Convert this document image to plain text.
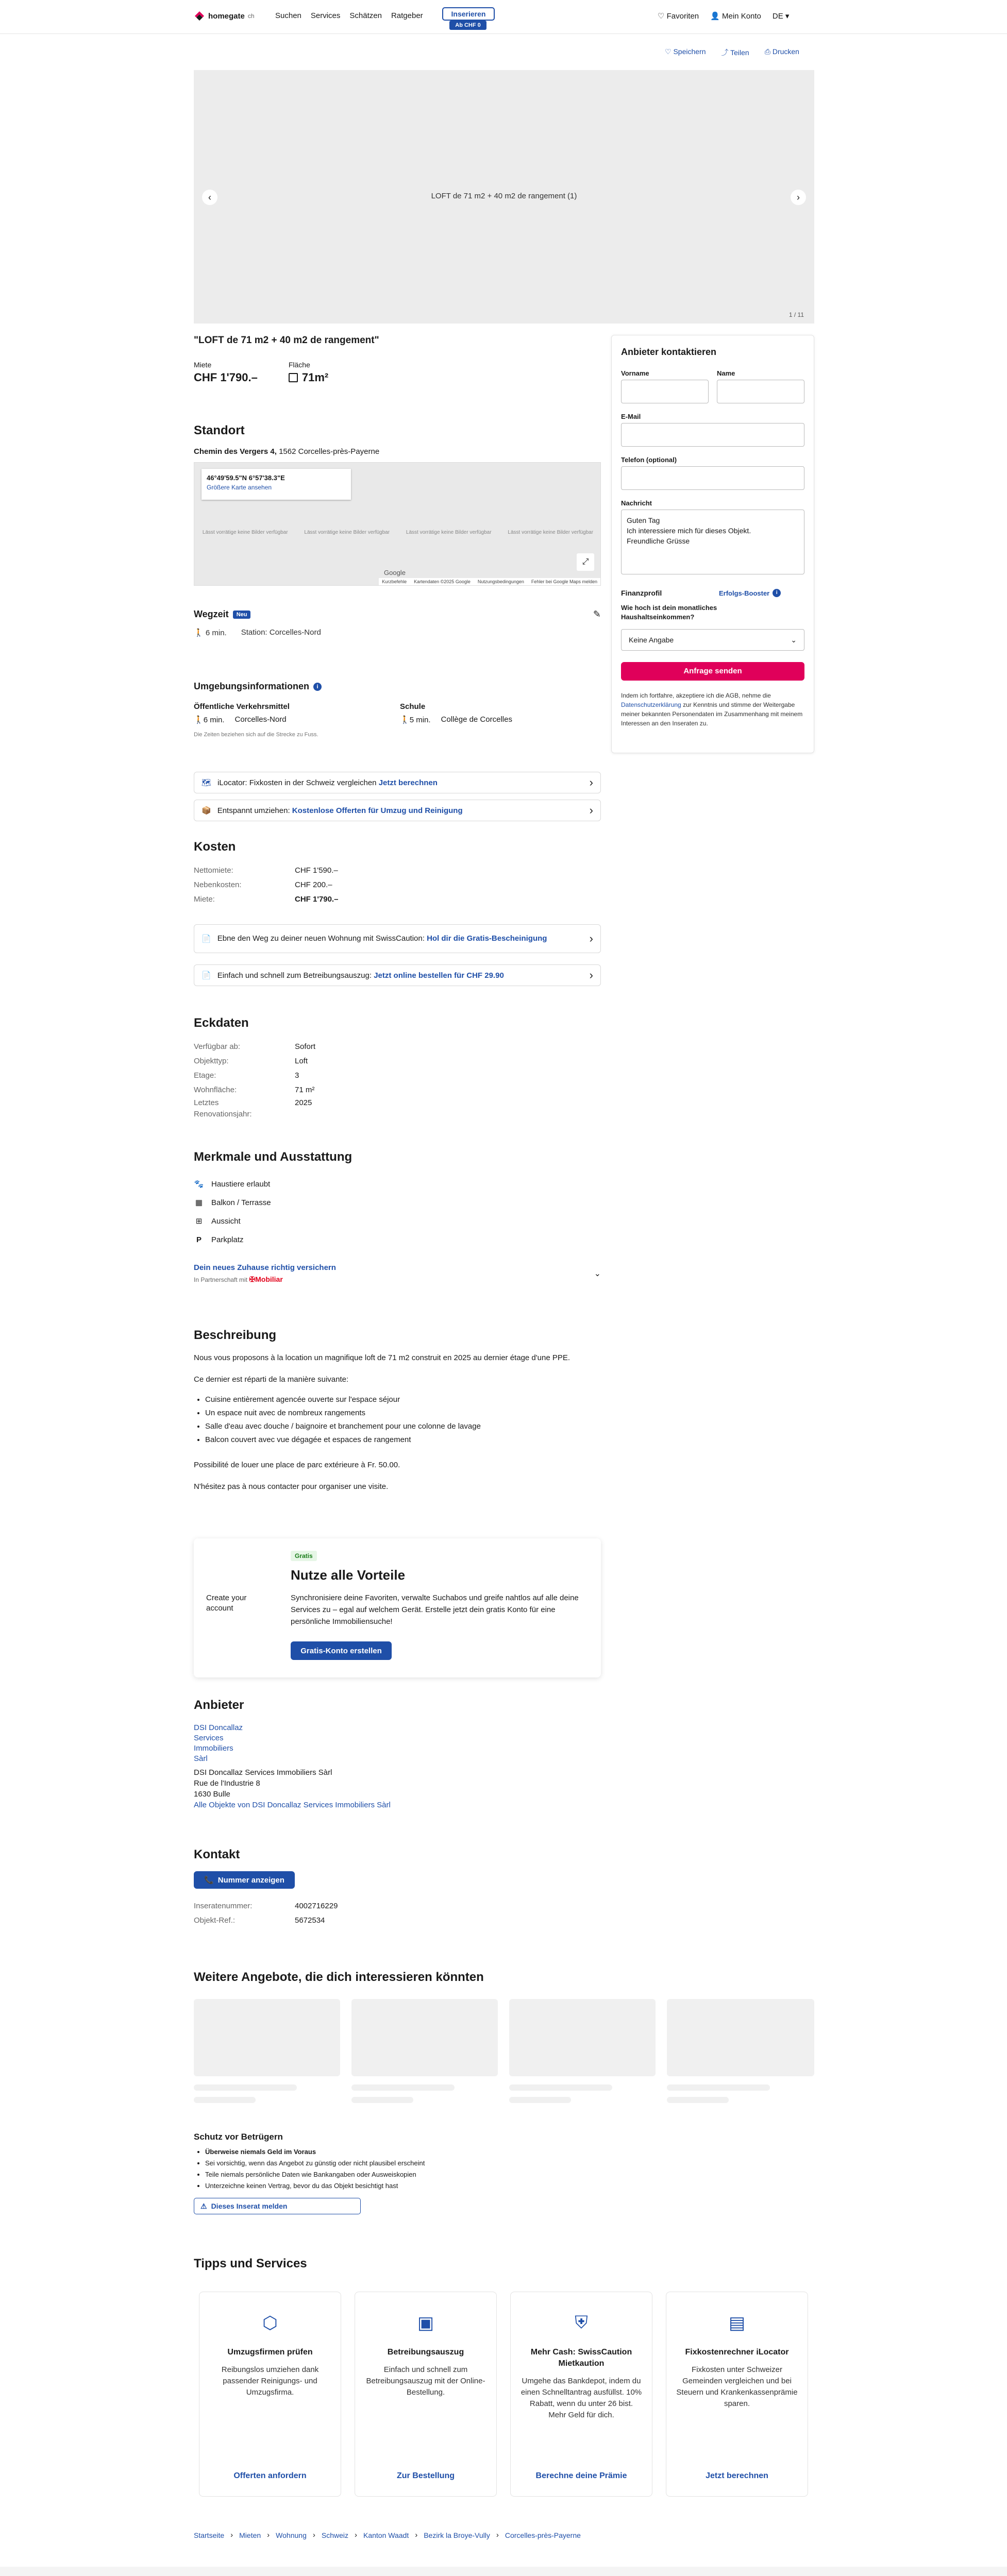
homegate ch	Suchen Services Schätzen Ratgeber	Inserieren
Ab CHF 0
♡ Favoriten 👤 Mein Konto DE ▾
♡ Speichern ⤴ Teilen ⎙ Drucken
LOFT de 71 m2 + 40 m2 de rangement (1)
‹	›
1 / 11
"LOFT de 71 m2 + 40 m2 de rangement"
Miete
CHF 1'790.–
Fläche
71m²
Standort
Chemin des Vergers 4, 1562 Corcelles-près-Payerne
46°49'59.5"N 6°57'38.3"E
Größere Karte ansehen
Lässt vorrätige keine Bilder verfügbar	Lässt vorrätige keine Bilder verfügbar	Lässt vorrätige keine Bilder verfügbar	Lässt vorrätige keine Bilder verfügbar
⤢
Google
Kurzbefehle Kartendaten ©2025 Google Nutzungsbedingungen Fehler bei Google Maps melden
Wegzeit	Neu	✎
🚶 6 min. Station: Corcelles-Nord
Umgebungsinformationen	i
Öffentliche Verkehrsmittel
🚶6 min. Corcelles-Nord
Schule
🚶5 min. Collège de Corcelles
Die Zeiten beziehen sich auf die Strecke zu Fuss.
🗺 iLocator: Fixkosten in der Schweiz vergleichen
Jetzt berechnen	›
📦 Entspannt umziehen:
Kostenlose Offerten für Umzug und Reinigung	›
Kosten
Nettomiete:	CHF 1'590.–
Nebenkosten:	CHF 200.–
Miete:	CHF 1'790.–
📄 Ebne den Weg zu deiner neuen Wohnung mit SwissCaution: Hol dir die Gratis-Bescheinigung	›
📄 Einfach und schnell zum Betreibungsauszug:
Jetzt online bestellen für CHF 29.90	›
Eckdaten
Verfügbar ab:	Sofort
Objekttyp:	Loft
Etage:	3
Wohnfläche:	71 m²
Letztes Renovationsjahr:
2025
Merkmale und Ausstattung
🐾 Haustiere erlaubt
▦ Balkon / Terrasse
⊞ Aussicht
P	Parkplatz
Dein neues Zuhause richtig versichern
In Partnerschaft mit ✠Mobiliar
⌄
Beschreibung

Nous vous proposons à la location un magnifique loft de 71 m2 construit en 2025 au dernier étage d'une PPE.

Ce dernier est réparti de la manière suivante:

• Cuisine entièrement agencée ouverte sur l'espace séjour
• Un espace nuit avec de nombreux rangements
• Salle d'eau avec douche / baignoire et branchement pour une colonne de lavage
• Balcon couvert avec vue dégagée et espaces de rangement

Possibilité de louer une place de parc extérieure à Fr. 50.00.

N'hésitez pas à nous contacter pour organiser une visite.

Create your account
Gratis
Nutze alle Vorteile
Synchronisiere deine Favoriten, verwalte Suchabos und greife nahtlos auf alle deine Services zu – egal auf welchem Gerät. Erstelle jetzt dein gratis Konto für eine persönliche Immobiliensuche!
Gratis-Konto erstellen
Anbieter
DSI Doncallaz
Services
Immobiliers
Sàrl
DSI Doncallaz Services Immobiliers Sàrl
Rue de l'Industrie 8
1630 Bulle
Alle Objekte von DSI Doncallaz Services Immobiliers Sàrl
Kontakt
📞 Nummer anzeigen
Inseratenummer:	4002716229
Objekt-Ref.:	5672534
Weitere Angebote, die dich interessieren könnten
Schutz vor Betrügern
• Überweise niemals Geld im Voraus
• Sei vorsichtig, wenn das Angebot zu günstig oder nicht plausibel erscheint
• Teile niemals persönliche Daten wie Bankangaben oder Ausweiskopien
• Unterzeichne keinen Vertrag, bevor du das Objekt besichtigt hast
⚠ Dieses Inserat melden
Tipps und Services
⬡
Umzugsfirmen prüfen

Reibungslos umziehen dank passender Reinigungs- und Umzugsfirma.

Offerten anfordern
▣
Betreibungsauszug

Einfach und schnell zum Betreibungsauszug mit der Online-Bestellung.

Zur Bestellung
⛨
Mehr Cash: SwissCaution Mietkaution

Umgehe das Bankdepot, indem du einen Schnelltantrag ausfüllst. 10% Rabatt, wenn du unter 26 bist. Mehr Geld für dich.

Berechne deine Prämie
▤
Fixkostenrechner iLocator

Fixkosten unter Schweizer Gemeinden vergleichen und bei Steuern und Krankenkassenprämie sparen.

Jetzt berechnen
Startseite › Mieten › Wohnung › Schweiz › Kanton Waadt › Bezirk la Broye-Vully › Corcelles-près-Payerne
Anbieter kontaktieren
Vorname	Name
E-Mail
Telefon (optional)
Nachricht
Guten Tag
Ich interessiere mich für dieses Objekt.
Freundliche Grüsse
Finanzprofil	Erfolgs-Booster	i
Wie hoch ist dein monatliches Haushaltseinkommen?
Keine Angabe	⌄
Anfrage senden
Indem ich fortfahre, akzeptiere ich die AGB, nehme die Datenschutzerklärung zur Kenntnis und stimme der Weitergabe meiner bekannten Personendaten im Zusammenhang mit meinem Interessen an den Inseraten zu.
